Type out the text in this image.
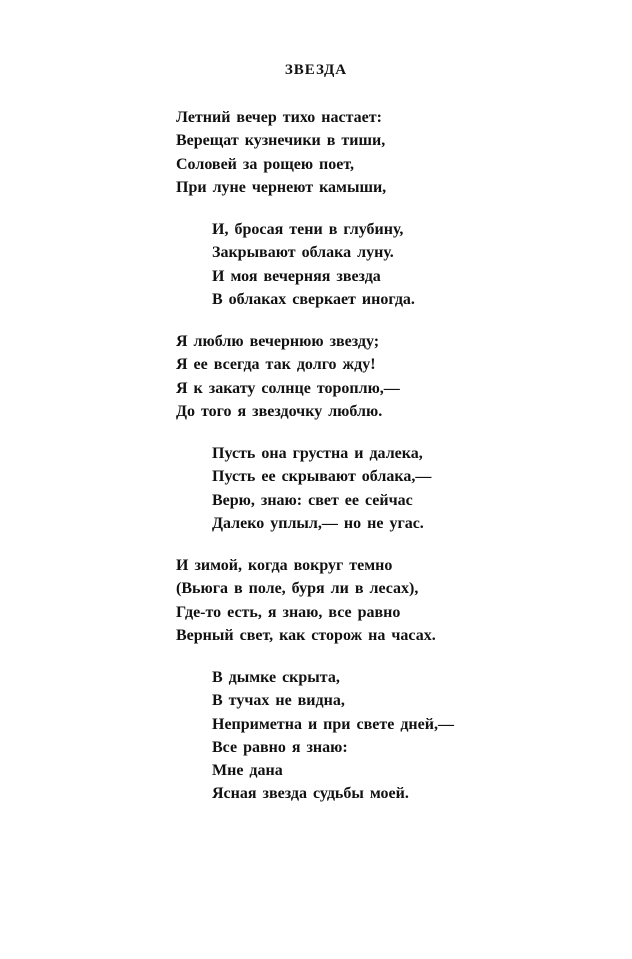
ЗВЕЗДА
Летний вечер тихо настает:
Верещат кузнечики в тиши,
Соловей за рощею поет,
При луне чернеют камыши,
И, бросая тени в глубину,
Закрывают облака луну.
И моя вечерняя звезда
В облаках сверкает иногда.
Я люблю вечернюю звезду;
Я ее всегда так долго жду!
Я к закату солнце тороплю,—
До того я звездочку люблю.
Пусть она грустна и далека,
Пусть ее скрывают облака,—
Верю, знаю: свет ее сейчас
Далеко уплыл,— но не угас.
И зимой, когда вокруг темно
(Вьюга в поле, буря ли в лесах),
Где-то есть, я знаю, все равно
Верный свет, как сторож на часах.
В дымке скрыта,
В тучах не видна,
Неприметна и при свете дней,—
Все равно я знаю:
Мне дана
Ясная звезда судьбы моей.
